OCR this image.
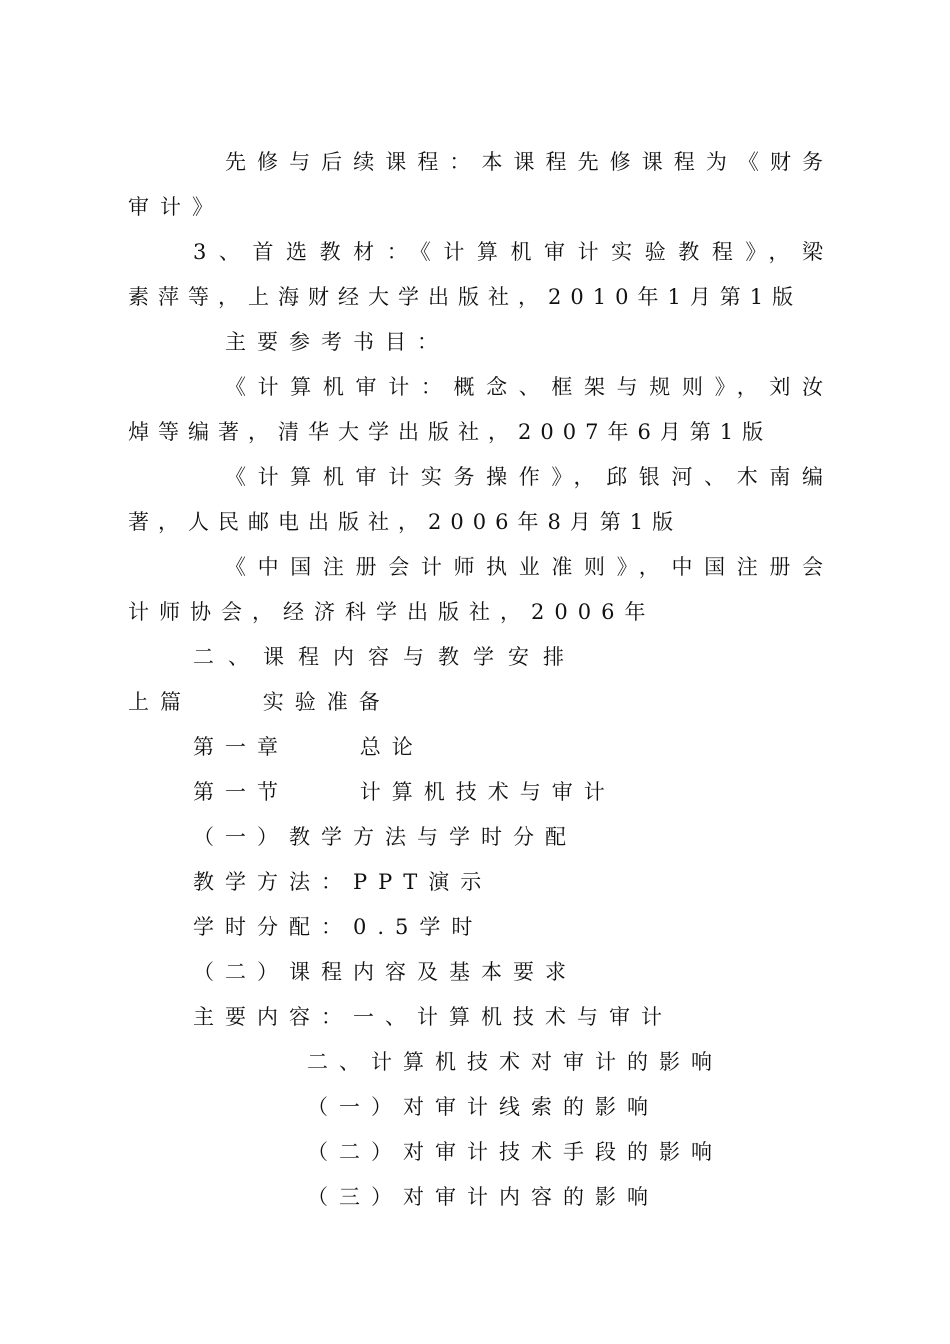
先修与后续课程：本课程先修课程为《财务
审计》
3、首选教材：《计算机审计实验教程》，梁
素萍等，上海财经大学出版社，2010年1月第1版
主要参考书目：
《计算机审计：概念、框架与规则》，刘汝
焯等编著，清华大学出版社，2007年6月第1版
《计算机审计实务操作》，邱银河、木南编
著，人民邮电出版社，2006年8月第1版
《中国注册会计师执业准则》，中国注册会
计师协会，经济科学出版社，2006年
二、课程内容与教学安排
上篇    实验准备
第一章    总论
第一节    计算机技术与审计
（一）教学方法与学时分配
教学方法：PPT演示
学时分配：0.5学时
（二）课程内容及基本要求
主要内容：一、计算机技术与审计
二、计算机技术对审计的影响
（一）对审计线索的影响
（二）对审计技术手段的影响
（三）对审计内容的影响
